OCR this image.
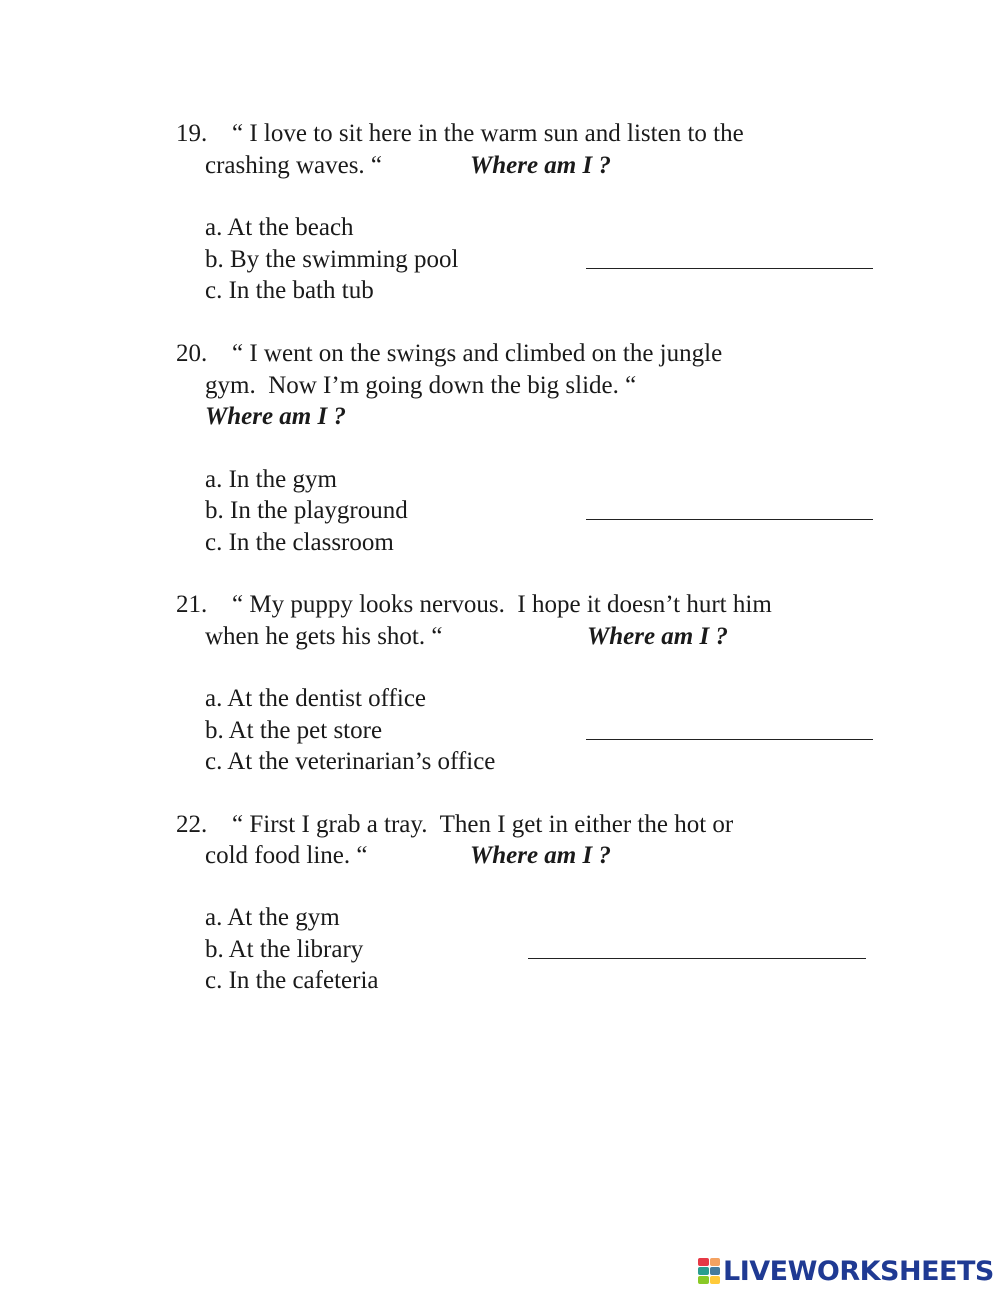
19. “ I love to sit here in the warm sun and listen to the
crashing waves. “	Where am I ?
a. At the beach
b. By the swimming pool
c. In the bath tub
20. “ I went on the swings and climbed on the jungle
gym.  Now I’m going down the big slide. “
Where am I ?
a. In the gym
b. In the playground
c. In the classroom
21. “ My puppy looks nervous.  I hope it doesn’t hurt him
when he gets his shot. “	Where am I ?
a. At the dentist office
b. At the pet store
c. At the veterinarian’s office
22. “ First I grab a tray.  Then I get in either the hot or
cold food line. “	Where am I ?
a. At the gym
b. At the library
c. In the cafeteria
LIVEWORKSHEETS
